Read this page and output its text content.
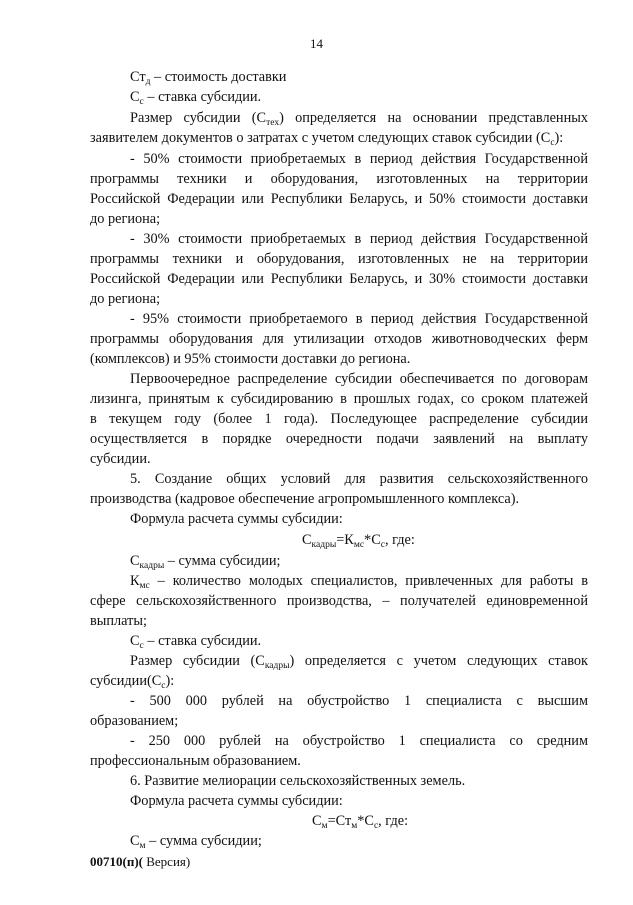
14
$Ст_д$ – стоимость доставки
$С_с$ – ставка субсидии.
Размер субсидии $(С_{тех})$ определяется на основании представленных
заявителем документов о затратах с учетом следующих ставок субсидии $(С_с)$:
- 50% стоимости приобретаемых в период действия Государственной
программы техники и оборудования, изготовленных на территории
Российской Федерации или Республики Беларусь, и 50% стоимости доставки
до региона;
- 30% стоимости приобретаемых в период действия Государственной
программы техники и оборудования, изготовленных не на территории
Российской Федерации или Республики Беларусь, и 30% стоимости доставки
до региона;
- 95% стоимости приобретаемого в период действия Государственной
программы оборудования для утилизации отходов животноводческих ферм
(комплексов) и 95% стоимости доставки до региона.
Первоочередное распределение субсидии обеспечивается по договорам
лизинга, принятым к субсидированию в прошлых годах, со сроком платежей
в текущем году (более 1 года). Последующее распределение субсидии
осуществляется в порядке очередности подачи заявлений на выплату
субсидии.
5. Создание общих условий для развития сельскохозяйственного
производства (кадровое обеспечение агропромышленного комплекса).
Формула расчета суммы субсидии:
$С_{кадры}=К_{мс}*С_с$, где:
$С_{кадры}$ – сумма субсидии;
$К_{мс}$ – количество молодых специалистов, привлеченных для работы в
сфере сельскохозяйственного производства, – получателей единовременной
выплаты;
$С_с$ – ставка субсидии.
Размер субсидии $(С_{кадры})$ определяется с учетом следующих ставок
$субсидии(С_с)$:
- 500 000 рублей на обустройство 1 специалиста с высшим
образованием;
- 250 000 рублей на обустройство 1 специалиста со средним
профессиональным образованием.
6. Развитие мелиорации сельскохозяйственных земель.
Формула расчета суммы субсидии:
$С_м=Ст_м*С_с$, где:
$С_м$ – сумма субсидии;
00710(п)( Версия)
